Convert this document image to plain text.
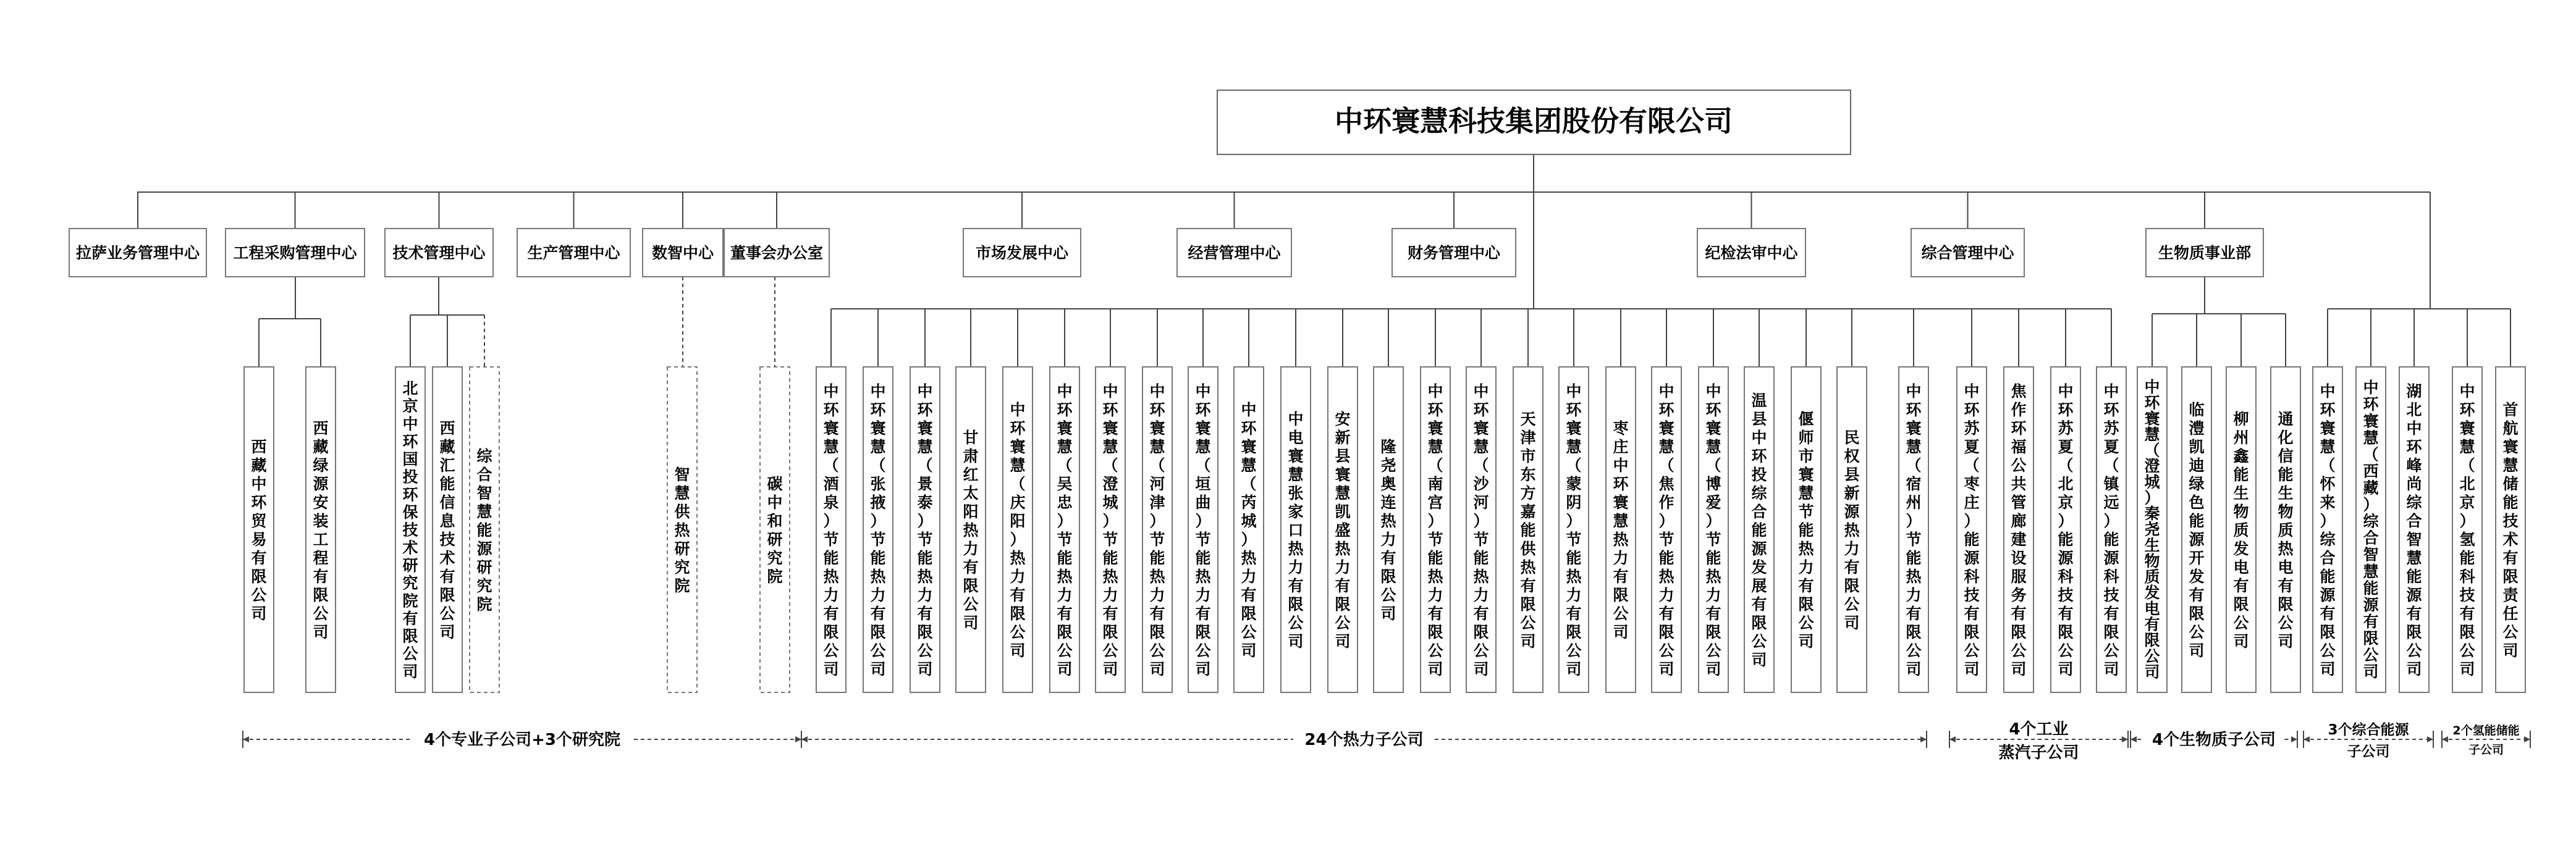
中环寰慧科技集团股份有限公司
拉萨业务管理中心 工程采购管理中心 技术管理中心	生产管理中心 数智中心 董事会办公室	市场发展中心	经营管理中心	财务管理中心	纪检法审中心	综合管理中心	生物质事业部
西藏中环贸易有限公司
西藏绿源安装工程有限公司
北京中环国投环保技术研究院有限公司
西藏汇能信息技术有限公司
综合智慧能源研究院
智慧供热研究院
碳中和研究院
中环寰慧（酒泉）节能热力有限公司
中环寰慧（张掖）节能热力有限公司
中环寰慧（景泰）节能热力有限公司
甘肃红太阳热力有限公司
中环寰慧（庆阳）热力有限公司
中环寰慧（吴忠）节能热力有限公司
中环寰慧（澄城）节能热力有限公司
中环寰慧（河津）节能热力有限公司
中环寰慧（垣曲）节能热力有限公司
中环寰慧（芮城）热力有限公司
中电寰慧张家口热力有限公司
安新县寰慧凯盛热力有限公司
隆尧奥连热力有限公司
中环寰慧（南宫）节能热力有限公司
中环寰慧（沙河）节能热力有限公司
天津市东方嘉能供热有限公司
中环寰慧（蒙阴）节能热力有限公司
枣庄中环寰慧热力有限公司
中环寰慧（焦作）节能热力有限公司
中环寰慧（博爱）节能热力有限公司
温县中环投综合能源发展有限公司
偃师市寰慧节能热力有限公司
民权县新源热力有限公司
中环寰慧（宿州）节能热力有限公司
中环苏夏（枣庄）能源科技有限公司
焦作环福公共管廊建设服务有限公司
中环苏夏（北京）能源科技有限公司
中环苏夏（镇远）能源科技有限公司
中环寰慧（澄城）秦尧生物质发电有限公司
临澧凯迪绿色能源开发有限公司
柳州鑫能生物质发电有限公司
通化信能生物质热电有限公司
中环寰慧（怀来）综合能源有限公司
中环寰慧（西藏）综合智慧能源有限公司
湖北中环峰尚综合智慧能源有限公司
中环寰慧（北京）氢能科技有限公司
首航寰慧储能技术有限责任公司
4个专业子公司+3个研究院	24个热力子公司
4个工业蒸汽子公司
4个生物质子公司
3个综合能源子公司
2个氢能储能子公司
